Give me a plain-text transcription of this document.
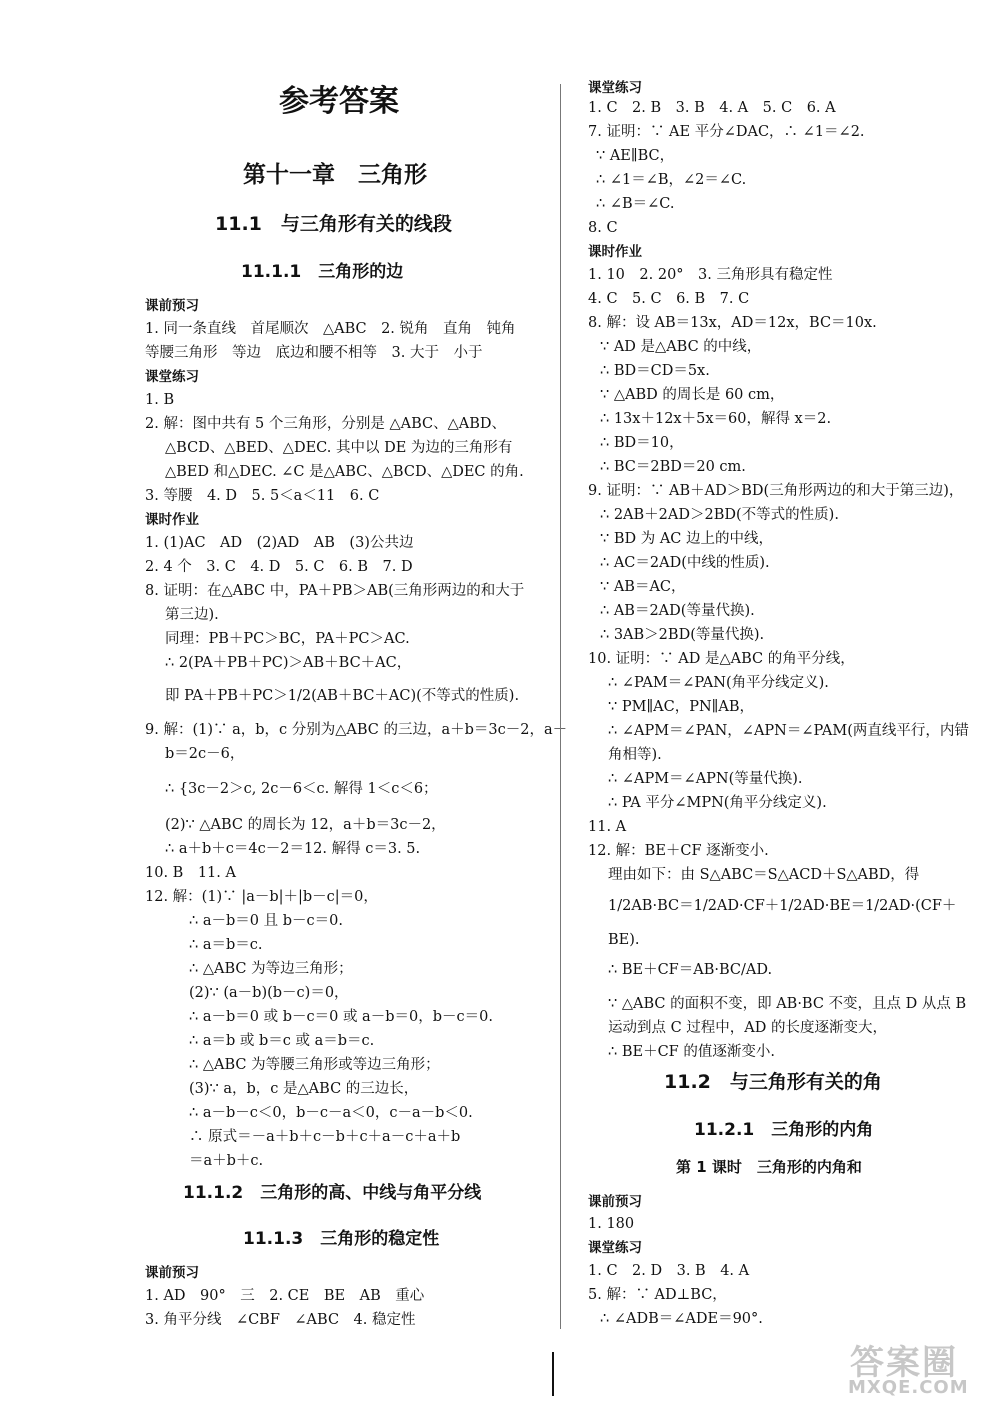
参考答案
第十一章　三角形
11.1　与三角形有关的线段
11.1.1　三角形的边
课前预习
1. 同一条直线　首尾顺次　△ABC　2. 锐角　直角　钝角
等腰三角形　等边　底边和腰不相等　3. 大于　小于
课堂练习
1. B
2. 解：图中共有 5 个三角形，分别是 △ABC、△ABD、
△BCD、△BED、△DEC. 其中以 DE 为边的三角形有
△BED 和△DEC. ∠C 是△ABC、△BCD、△DEC 的角.
3. 等腰　4. D　5. 5＜a＜11　6. C
课时作业
1. (1)AC　AD　(2)AD　AB　(3)公共边
2. 4 个　3. C　4. D　5. C　6. B　7. D
8. 证明：在△ABC 中，PA＋PB＞AB(三角形两边的和大于
第三边).
同理：PB＋PC＞BC，PA＋PC＞AC.
∴ 2(PA＋PB＋PC)＞AB＋BC＋AC，
即 PA＋PB＋PC＞1/2(AB＋BC＋AC)(不等式的性质).
9. 解：(1)∵ a，b，c 分别为△ABC 的三边，a＋b＝3c－2，a－
b＝2c－6，
∴ {3c－2＞c, 2c－6＜c. 解得 1＜c＜6；
(2)∵ △ABC 的周长为 12，a＋b＝3c－2，
∴ a＋b＋c＝4c－2＝12. 解得 c＝3. 5.
10. B　11. A
12. 解：(1)∵ |a－b|＋|b－c|＝0，
∴ a－b＝0 且 b－c＝0.
∴ a＝b＝c.
∴ △ABC 为等边三角形；
(2)∵ (a－b)(b－c)＝0，
∴ a－b＝0 或 b－c＝0 或 a－b＝0，b－c＝0.
∴ a＝b 或 b＝c 或 a＝b＝c.
∴ △ABC 为等腰三角形或等边三角形；
(3)∵ a，b，c 是△ABC 的三边长，
∴ a－b－c＜0，b－c－a＜0，c－a－b＜0.
∴ 原式＝－a＋b＋c－b＋c＋a－c＋a＋b
＝a＋b＋c.
11.1.2　三角形的高、中线与角平分线
11.1.3　三角形的稳定性
课前预习
1. AD　90°　三　2. CE　BE　AB　重心
3. 角平分线　∠CBF　∠ABC　4. 稳定性
课堂练习
1. C　2. B　3. B　4. A　5. C　6. A
7. 证明：∵ AE 平分∠DAC，∴ ∠1＝∠2.
∵ AE∥BC，
∴ ∠1＝∠B，∠2＝∠C.
∴ ∠B＝∠C.
8. C
课时作业
1. 10　2. 20°　3. 三角形具有稳定性
4. C　5. C　6. B　7. C
8. 解：设 AB＝13x，AD＝12x，BC＝10x.
∵ AD 是△ABC 的中线，
∴ BD＝CD＝5x.
∵ △ABD 的周长是 60 cm，
∴ 13x＋12x＋5x＝60，解得 x＝2.
∴ BD＝10，
∴ BC＝2BD＝20 cm.
9. 证明：∵ AB＋AD＞BD(三角形两边的和大于第三边)，
∴ 2AB＋2AD＞2BD(不等式的性质).
∵ BD 为 AC 边上的中线，
∴ AC＝2AD(中线的性质).
∵ AB＝AC，
∴ AB＝2AD(等量代换).
∴ 3AB＞2BD(等量代换).
10. 证明：∵ AD 是△ABC 的角平分线，
∴ ∠PAM＝∠PAN(角平分线定义).
∵ PM∥AC，PN∥AB，
∴ ∠APM＝∠PAN，∠APN＝∠PAM(两直线平行，内错
角相等).
∴ ∠APM＝∠APN(等量代换).
∴ PA 平分∠MPN(角平分线定义).
11. A
12. 解：BE＋CF 逐渐变小.
理由如下：由 S△ABC＝S△ACD＋S△ABD，得
1/2AB·BC＝1/2AD·CF＋1/2AD·BE＝1/2AD·(CF＋
BE).
∴ BE＋CF＝AB·BC/AD.
∵ △ABC 的面积不变，即 AB·BC 不变，且点 D 从点 B
运动到点 C 过程中，AD 的长度逐渐变大，
∴ BE＋CF 的值逐渐变小.
11.2　与三角形有关的角
11.2.1　三角形的内角
第 1 课时　三角形的内角和
课前预习
1. 180
课堂练习
1. C　2. D　3. B　4. A
5. 解：∵ AD⊥BC，
∴ ∠ADB＝∠ADE＝90°.
答案圈
MXQE.COM
